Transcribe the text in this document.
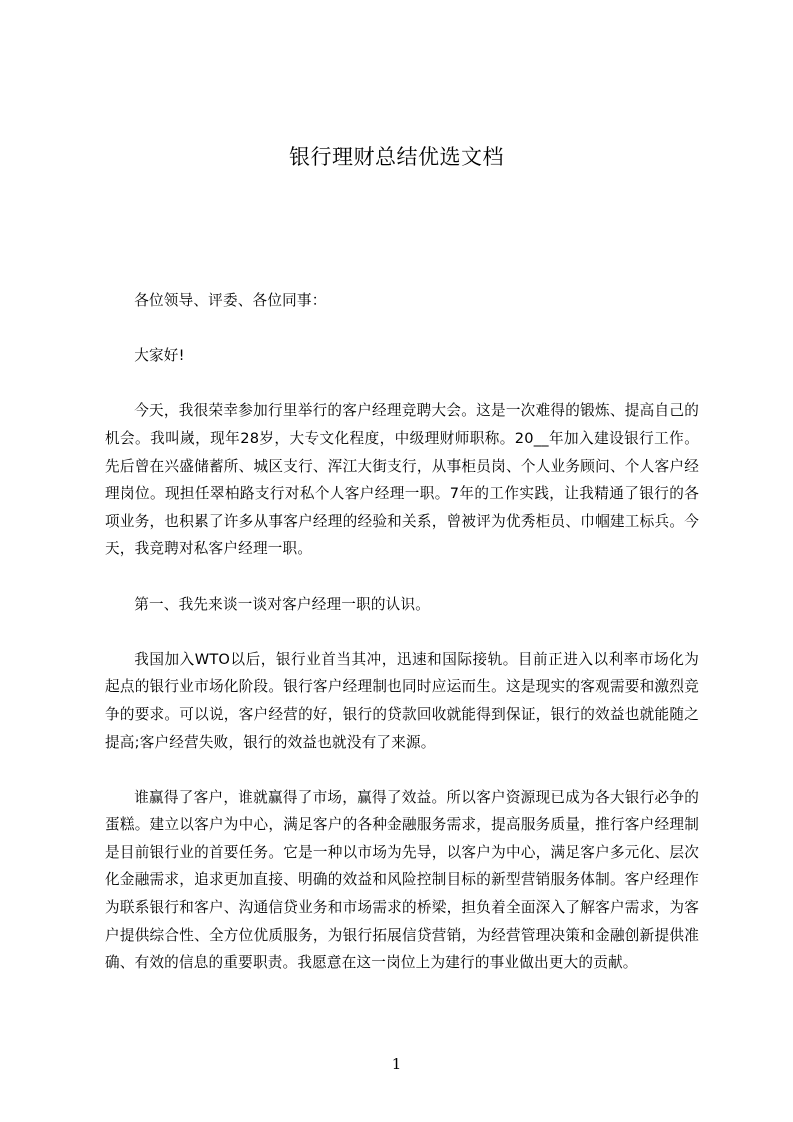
银行理财总结优选文档

各位领导、评委、各位同事：

大家好!

今天，我很荣幸参加行里举行的客户经理竞聘大会。这是一次难得的锻炼、提高自己的机会。我叫嵗，现年28岁，大专文化程度，中级理财师职称。20__年加入建设银行工作。先后曾在兴盛储蓄所、城区支行、浑江大街支行，从事柜员岗、个人业务顾问、个人客户经理岗位。现担任翠柏路支行对私个人客户经理一职。7年的工作实践，让我精通了银行的各项业务，也积累了许多从事客户经理的经验和关系，曾被评为优秀柜员、巾帼建工标兵。今天，我竞聘对私客户经理一职。

第一、我先来谈一谈对客户经理一职的认识。

我国加入WTO以后，银行业首当其冲，迅速和国际接轨。目前正进入以利率市场化为起点的银行业市场化阶段。银行客户经理制也同时应运而生。这是现实的客观需要和激烈竞争的要求。可以说，客户经营的好，银行的贷款回收就能得到保证，银行的效益也就能随之提高;客户经营失败，银行的效益也就没有了来源。

谁赢得了客户，谁就赢得了市场，赢得了效益。所以客户资源现已成为各大银行必争的蛋糕。建立以客户为中心，满足客户的各种金融服务需求，提高服务质量，推行客户经理制是目前银行业的首要任务。它是一种以市场为先导，以客户为中心，满足客户多元化、层次化金融需求，追求更加直接、明确的效益和风险控制目标的新型营销服务体制。客户经理作为联系银行和客户、沟通信贷业务和市场需求的桥梁，担负着全面深入了解客户需求，为客户提供综合性、全方位优质服务，为银行拓展信贷营销，为经营管理决策和金融创新提供准确、有效的信息的重要职责。我愿意在这一岗位上为建行的事业做出更大的贡献。

1
